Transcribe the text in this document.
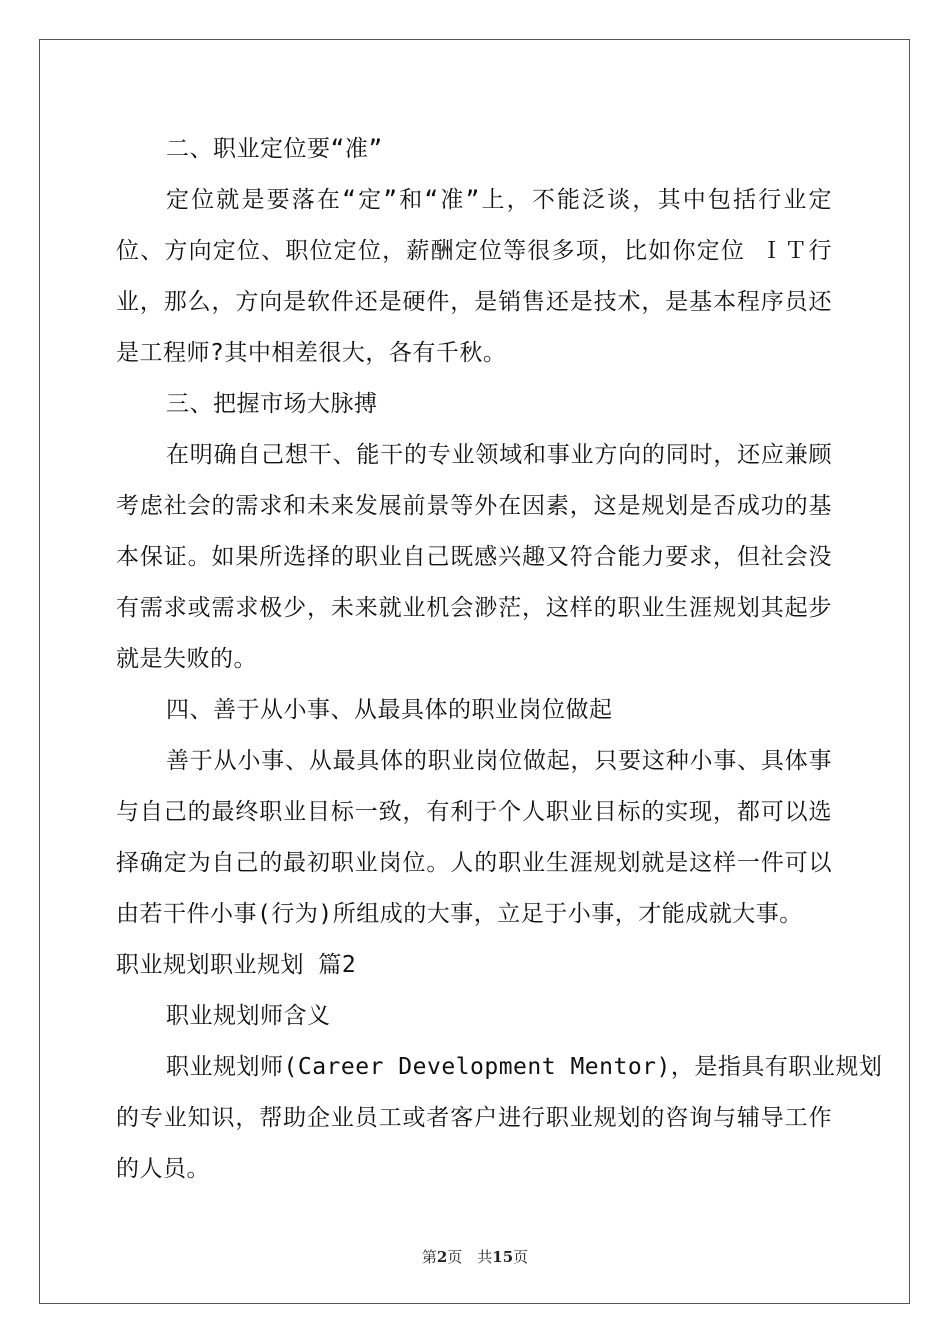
二、职业定位要“准”
定位就是要落在“定”和“准”上，不能泛谈，其中包括行业定
位、方向定位、职位定位，薪酬定位等很多项，比如你定位 ＩＴ行
业，那么，方向是软件还是硬件，是销售还是技术，是基本程序员还
是工程师?其中相差很大，各有千秋。
三、把握市场大脉搏
在明确自己想干、能干的专业领域和事业方向的同时，还应兼顾
考虑社会的需求和未来发展前景等外在因素，这是规划是否成功的基
本保证。如果所选择的职业自己既感兴趣又符合能力要求，但社会没
有需求或需求极少，未来就业机会渺茫，这样的职业生涯规划其起步
就是失败的。
四、善于从小事、从最具体的职业岗位做起
善于从小事、从最具体的职业岗位做起，只要这种小事、具体事
与自己的最终职业目标一致，有利于个人职业目标的实现，都可以选
择确定为自己的最初职业岗位。人的职业生涯规划就是这样一件可以
由若干件小事(行为)所组成的大事，立足于小事，才能成就大事。
职业规划职业规划 篇2
职业规划师含义
职业规划师(Career Development Mentor)，是指具有职业规划
的专业知识，帮助企业员工或者客户进行职业规划的咨询与辅导工作
的人员。
第2页　共15页
